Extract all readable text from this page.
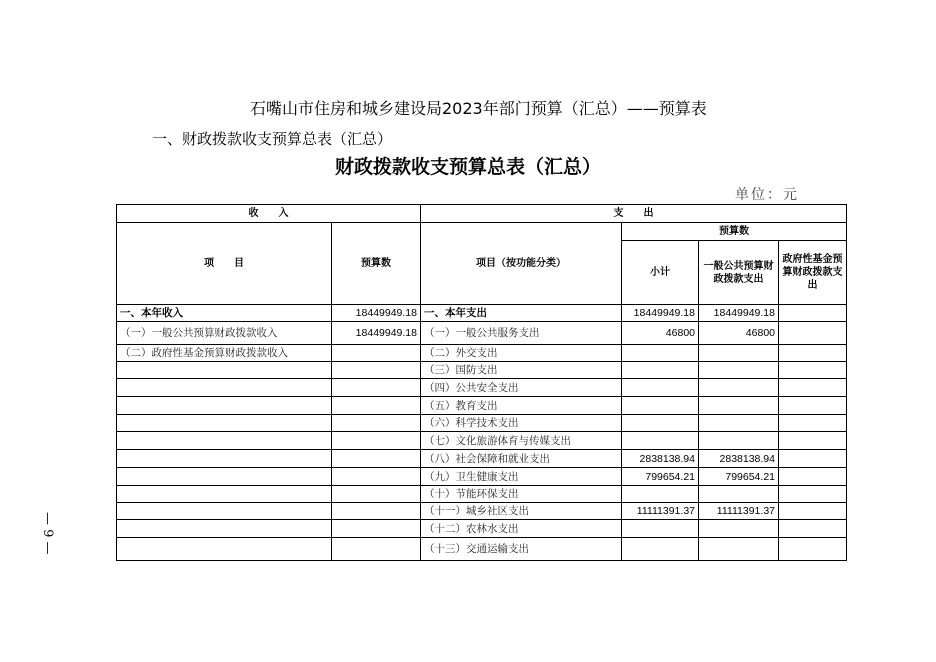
石嘴山市住房和城乡建设局2023年部门预算（汇总）——预算表
一、财政拨款收支预算总表（汇总）
财政拨款收支预算总表（汇总）
单位：元
— 9 —
收　　入		支　　出			
项　　目	预算数	项目（按功能分类）	预算数		
			小计	一般公共预算财政拨款支出	政府性基金预算财政拨款支出
一、本年收入	18449949.18	一、本年支出	18449949.18	18449949.18	
（一）一般公共预算财政拨款收入	18449949.18	（一）一般公共服务支出	46800	46800	
（二）政府性基金预算财政拨款收入		（二）外交支出			
		（三）国防支出			
		（四）公共安全支出			
		（五）教育支出			
		（六）科学技术支出			
		（七）文化旅游体育与传媒支出			
		（八）社会保障和就业支出	2838138.94	2838138.94	
		（九）卫生健康支出	799654.21	799654.21	
		（十）节能环保支出			
		（十一）城乡社区支出	11111391.37	11111391.37	
		（十二）农林水支出			
		（十三）交通运输支出			
